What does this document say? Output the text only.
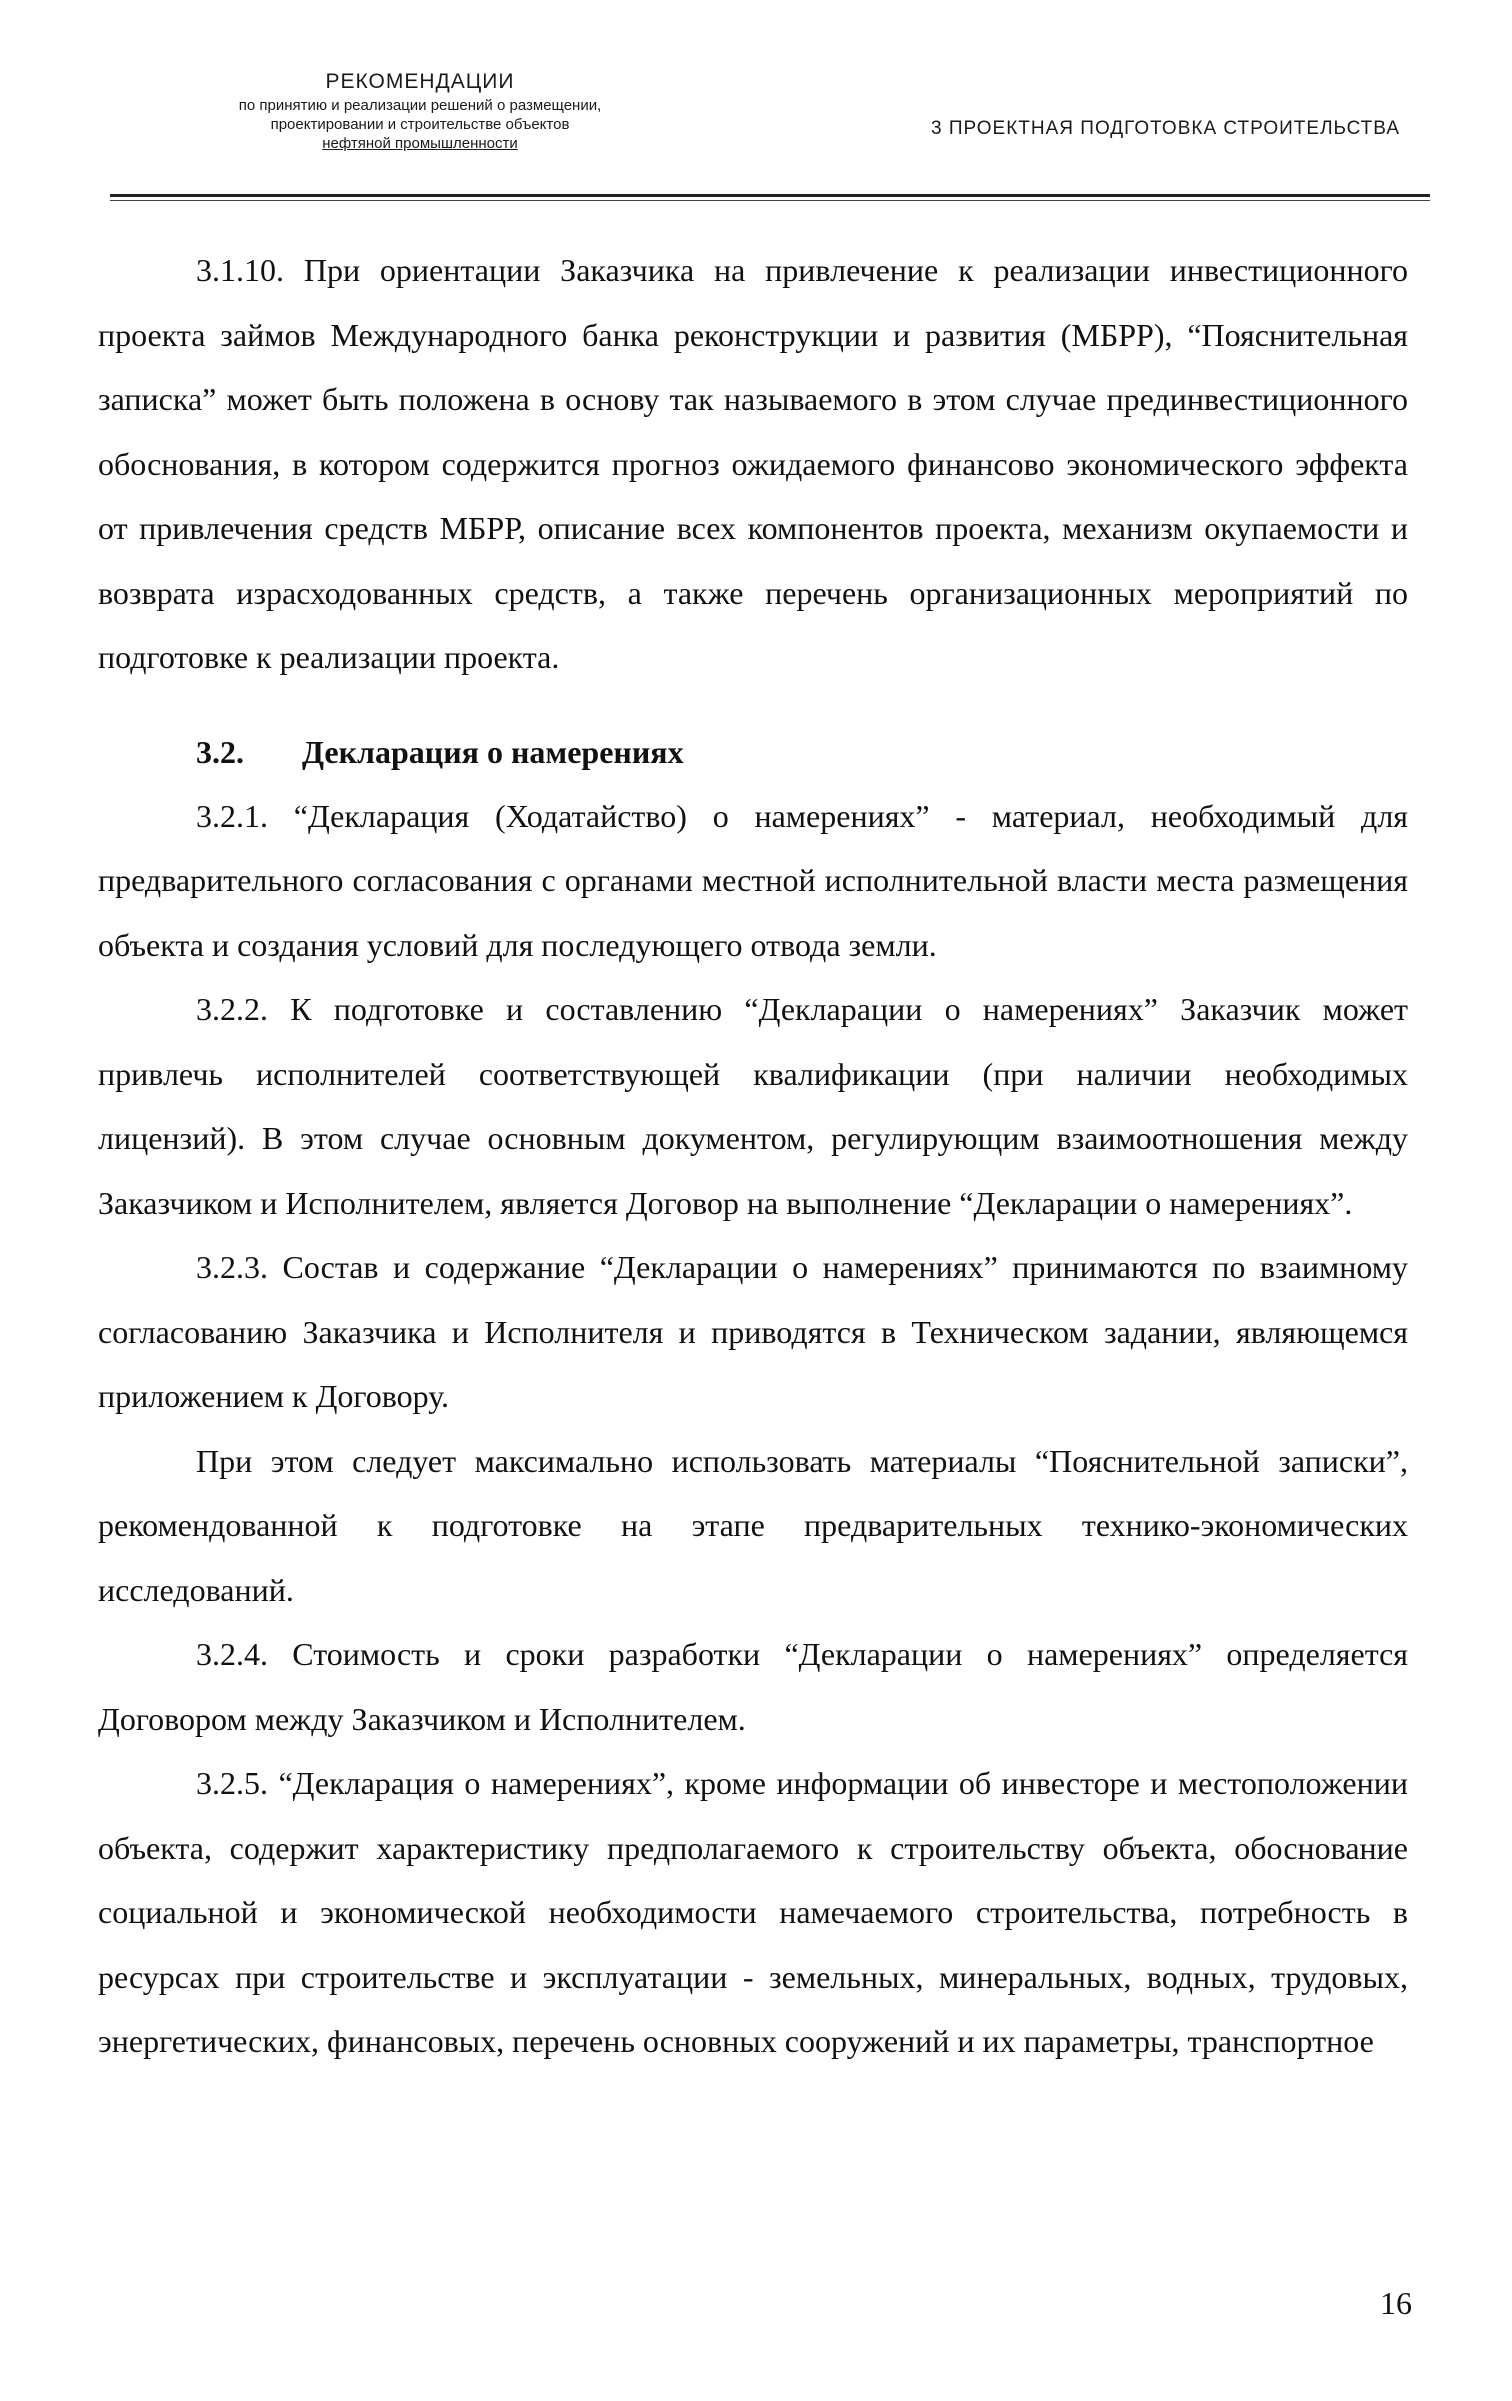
РЕКОМЕНДАЦИИ
по принятию и реализации решений о размещении,
проектировании и строительстве объектов
нефтяной промышленности
3 ПРОЕКТНАЯ ПОДГОТОВКА СТРОИТЕЛЬСТВА

3.1.10. При ориентации Заказчика на привлечение к реализации инвестиционного проекта займов Международного банка реконструкции и развития (МБРР), “Пояснительная записка” может быть положена в основу так называемого в этом случае прединвестиционного обоснования, в котором содержится прогноз ожидаемого финансово экономического эффекта от привлечения средств МБРР, описание всех компонентов проекта, механизм окупаемости и возврата израсходованных средств, а также перечень организационных мероприятий по подготовке к реализации проекта.

3.2. Декларация о намерениях

3.2.1. “Декларация (Ходатайство) о намерениях” - материал, необходимый для предварительного согласования с органами местной исполнительной власти места размещения объекта и создания условий для последующего отвода земли.

3.2.2. К подготовке и составлению “Декларации о намерениях” Заказчик может привлечь исполнителей соответствующей квалификации (при наличии необходимых лицензий). В этом случае основным документом, регулирующим взаимоотношения между Заказчиком и Исполнителем, является Договор на выполнение “Декларации о намерениях”.

3.2.3. Состав и содержание “Декларации о намерениях” принимаются по взаимному согласованию Заказчика и Исполнителя и приводятся в Техническом задании, являющемся приложением к Договору.

При этом следует максимально использовать материалы “Пояснительной записки”, рекомендованной к подготовке на этапе предварительных технико-экономических исследований.

3.2.4. Стоимость и сроки разработки “Декларации о намерениях” определяется Договором между Заказчиком и Исполнителем.

3.2.5. “Декларация о намерениях”, кроме информации об инвесторе и местоположении объекта, содержит характеристику предполагаемого к строительству объекта, обоснование социальной и экономической необходимости намечаемого строительства, потребность в ресурсах при строительстве и эксплуатации - земельных, минеральных, водных, трудовых, энергетических, финансовых, перечень основных сооружений и их параметры, транспортное

16
